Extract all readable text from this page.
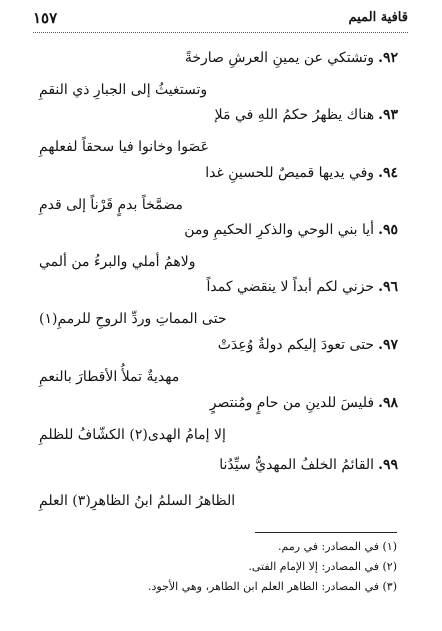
قافية الميم
١٥٧
٩٢.وتشتكي عن يمينِ العرشِ صارخةً
وتستغيثُ إلى الجبارِ ذي النقمِ
٩٣.هناك يظهرُ حكمُ اللهِ في مَلإ
عَصَوا وخانوا فيا سحقاً لفعلهمِ
٩٤.وفي يديها قميصٌ للحسينِ غدا
مضمَّخاً بدمٍ قَرْناً إلى قدمِ
٩٥.أيا بني الوحي والذكرِ الحكيمِ ومن
ولاهمُ أملي والبرءُ من ألمي
٩٦.حزني لكم أبداً لا ينقضي كمداً
حتى المماتِ وردِّ الروحِ للرممِ(١)
٩٧.حتى تعودَ إليكم دولةٌ وُعِدَتْ
مهديةٌ تملأُ الأقطارَ بالنعمِ
٩٨.فليسَ للدينِ من حامٍ ومُنتصرٍ
إلا إمامُ الهدى(٢) الكشّافُ للظلمِ
٩٩.القائمُ الخلفُ المهديُّ سيِّدُنا
الظاهرُ السلمُ ابنُ الظاهرِ(٣) العلمِ
(١) في المصادر: في رمم.
(٢) في المصادر: إلا الإمام الفتى.
(٣) في المصادر: الطاهر العلم ابن الطاهر، وهي الأجود.
